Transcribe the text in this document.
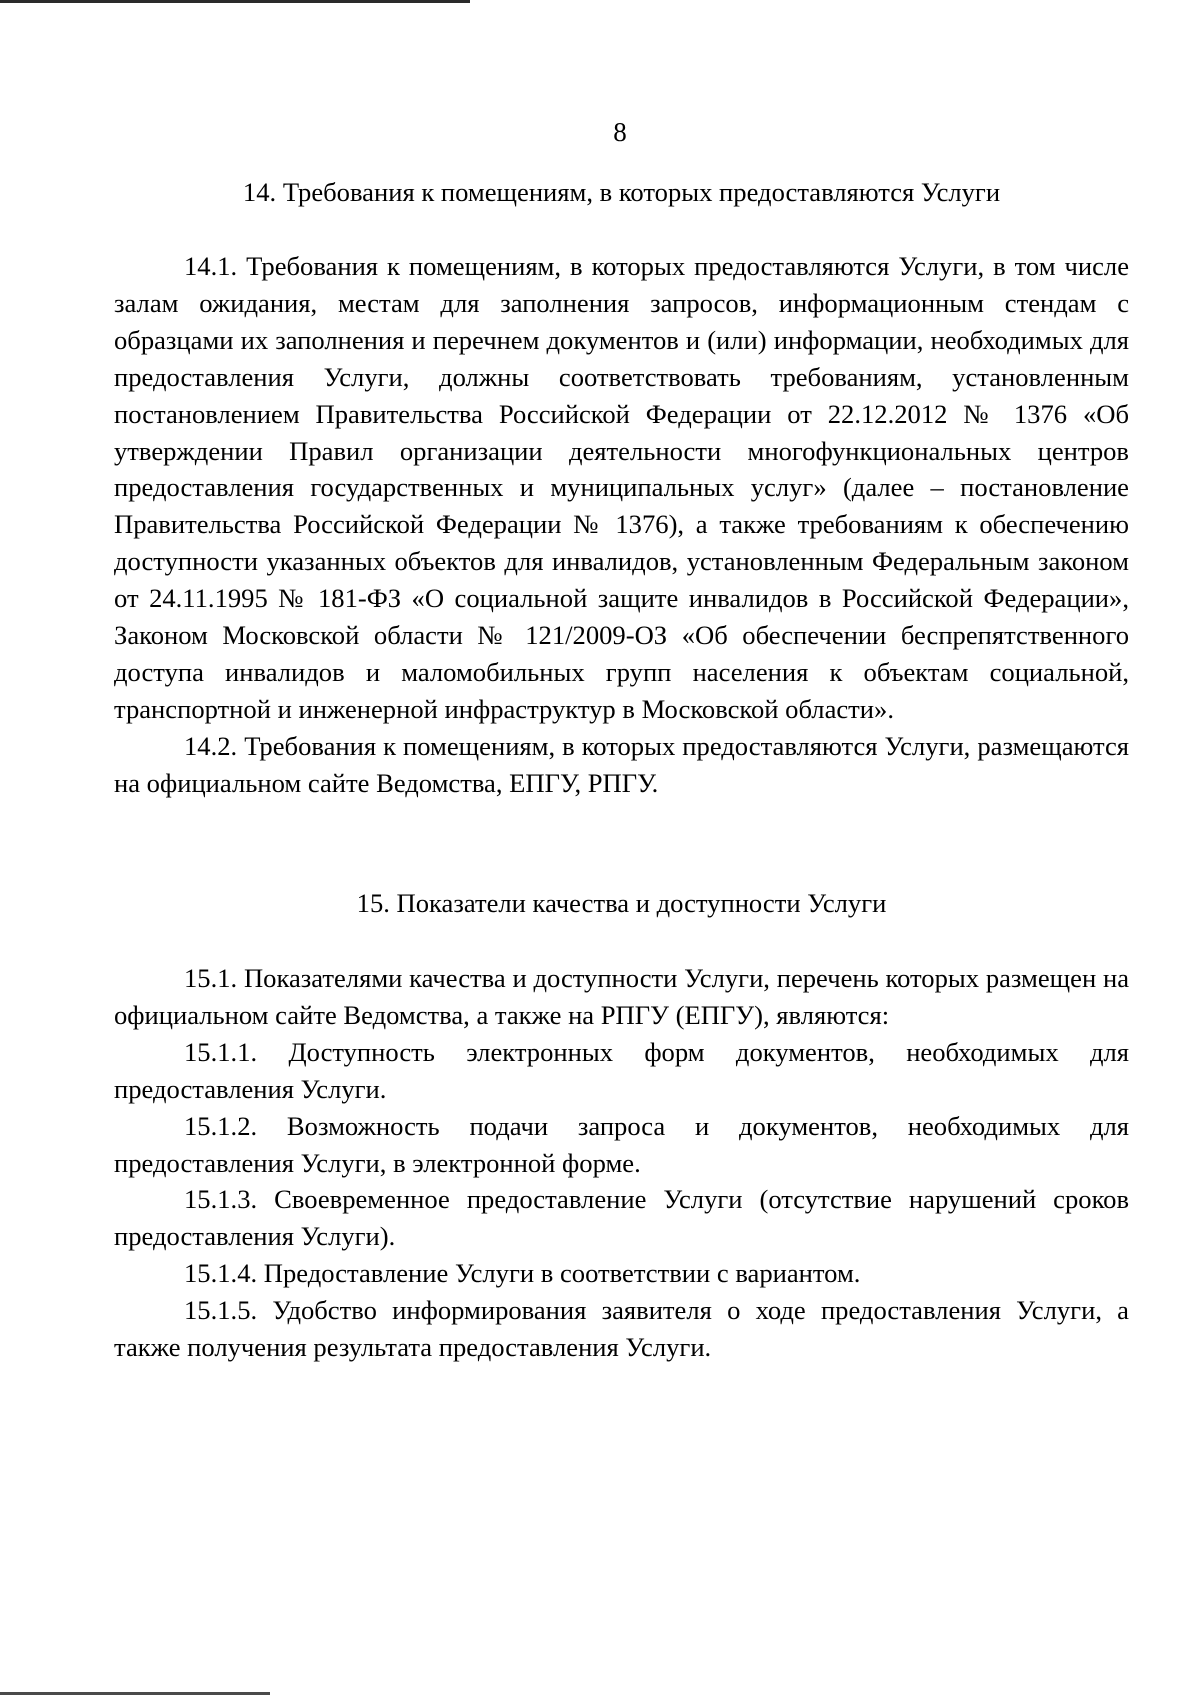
8

14. Требования к помещениям, в которых предоставляются Услуги

14.1. Требования к помещениям, в которых предоставляются Услуги, в том числе залам ожидания, местам для заполнения запросов, информационным стендам с образцами их заполнения и перечнем документов и (или) информации, необходимых для предоставления Услуги, должны соответствовать требованиям, установленным постановлением Правительства Российской Федерации от 22.12.2012 № 1376 «Об утверждении Правил организации деятельности многофункциональных центров предоставления государственных и муниципальных услуг» (далее – постановление Правительства Российской Федерации № 1376), а также требованиям к обеспечению доступности указанных объектов для инвалидов, установленным Федеральным законом от 24.11.1995 № 181-ФЗ «О социальной защите инвалидов в Российской Федерации», Законом Московской области № 121/2009-ОЗ «Об обеспечении беспрепятственного доступа инвалидов и маломобильных групп населения к объектам социальной, транспортной и инженерной инфраструктур в Московской области».

14.2. Требования к помещениям, в которых предоставляются Услуги, размещаются на официальном сайте Ведомства, ЕПГУ, РПГУ.

15. Показатели качества и доступности Услуги

15.1. Показателями качества и доступности Услуги, перечень которых размещен на официальном сайте Ведомства, а также на РПГУ (ЕПГУ), являются:

15.1.1. Доступность электронных форм документов, необходимых для предоставления Услуги.

15.1.2. Возможность подачи запроса и документов, необходимых для предоставления Услуги, в электронной форме.

15.1.3. Своевременное предоставление Услуги (отсутствие нарушений сроков предоставления Услуги).

15.1.4. Предоставление Услуги в соответствии с вариантом.

15.1.5. Удобство информирования заявителя о ходе предоставления Услуги, а также получения результата предоставления Услуги.
